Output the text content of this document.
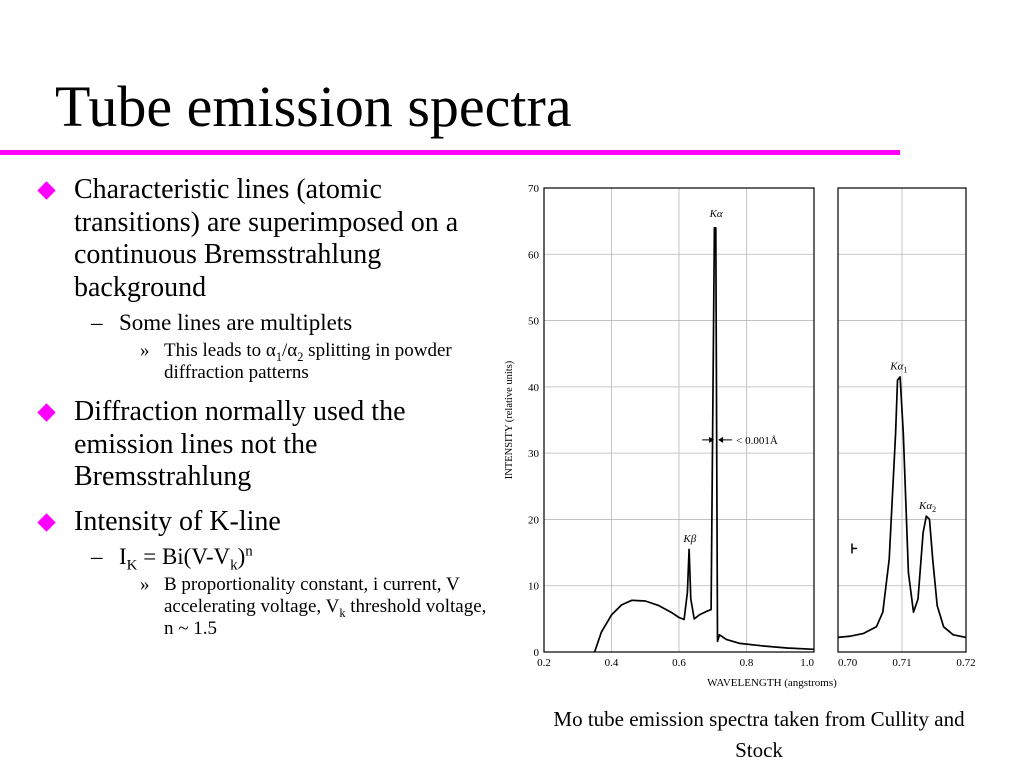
Tube emission spectra
Characteristic lines (atomic transitions) are superimposed on a continuous Bremsstrahlung background
– Some lines are multiplets
» This leads to $\alpha_1/\alpha_2$ splitting in powder diffraction patterns
Diffraction normally used the emission lines not the Bremsstrahlung
Intensity of K-line
– $I_K = Bi(V-V_k)^n$
» B proportionality constant, i current, V accelerating voltage, $V_k$ threshold voltage, n ~ 1.5
0.2	0.4	0.6	0.8	1.0
0
10
20
30
40
50
60
70
WAVELENGTH (angstroms)
INTENSITY (relative units)
Kα
Kβ
< 0.001Å
0.70	0.71	0.72
$K\alpha_1$
$K\alpha_2$
Mo tube emission spectra taken from Cullity and Stock
